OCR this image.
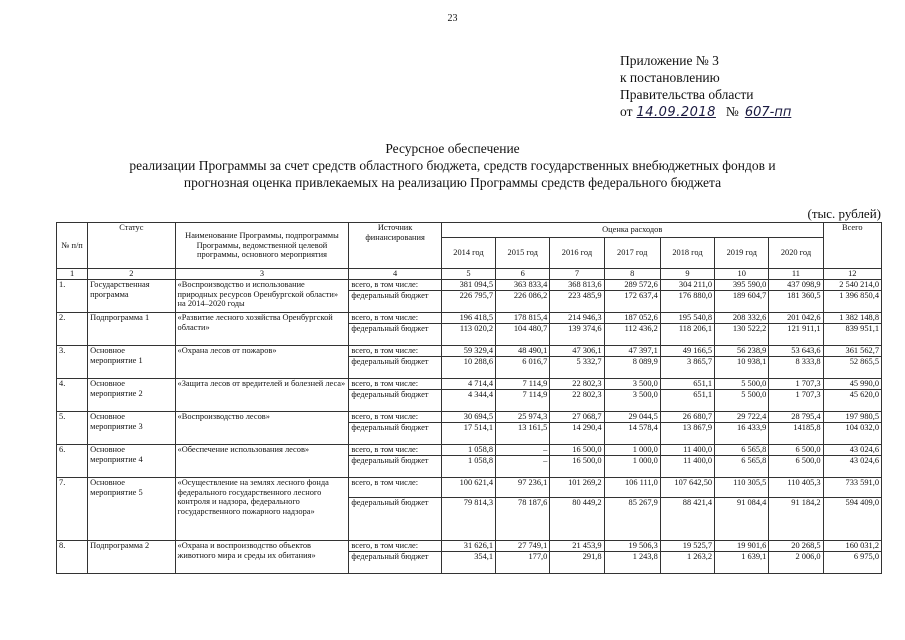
23
Приложение № 3
к постановлению
Правительства области
от 14.09.2018 № 607-пп
Ресурсное обеспечение
реализации Программы за счет средств областного бюджета, средств государственных внебюджетных фондов и
прогнозная оценка привлекаемых на реализацию Программы средств федерального бюджета
(тыс. рублей)
№ п/п	Статус	Наименование Программы, подпрограммы Программы, ведомственной целевой программы, основного мероприятия	Источник финансирования	Оценка расходов							Всего
				2014 год	2015 год	2016 год	2017 год	2018 год	2019 год	2020 год	
1	2	3	4	5	6	7	8	9	10	11	12
1.	Государственная программа	«Воспроизводство и использование природных ресурсов Оренбургской области» на 2014–2020 годы	всего, в том числе:	381 094,5	363 833,4	368 813,6	289 572,6	304 211,0	395 590,0	437 098,9	2 540 214,0
			федеральный бюджет	226 795,7	226 086,2	223 485,9	172 637,4	176 880,0	189 604,7	181 360,5	1 396 850,4
2.	Подпрограмма 1	«Развитие лесного хозяйства Оренбургской области»	всего, в том числе:	196 418,5	178 815,4	214 946,3	187 052,6	195 540,8	208 332,6	201 042,6	1 382 148,8
			федеральный бюджет	113 020,2	104 480,7	139 374,6	112 436,2	118 206,1	130 522,2	121 911,1	839 951,1
3.	Основное мероприятие 1	«Охрана лесов от пожаров»	всего, в том числе:	59 329,4	48 490,1	47 306,1	47 397,1	49 166,5	56 238,9	53 643,6	361 562,7
			федеральный бюджет	10 288,6	6 016,7	5 332,7	8 089,9	3 865,7	10 938,1	8 333,8	52 865,5
4.	Основное мероприятие 2	«Защита лесов от вредителей и болезней леса»	всего, в том числе:	4 714,4	7 114,9	22 802,3	3 500,0	651,1	5 500,0	1 707,3	45 990,0
			федеральный бюджет	4 344,4	7 114,9	22 802,3	3 500,0	651,1	5 500,0	1 707,3	45 620,0
5.	Основное мероприятие 3	«Воспроизводство лесов»	всего, в том числе:	30 694,5	25 974,3	27 068,7	29 044,5	26 680,7	29 722,4	28 795,4	197 980,5
			федеральный бюджет	17 514,1	13 161,5	14 290,4	14 578,4	13 867,9	16 433,9	14185,8	104 032,0
6.	Основное мероприятие 4	«Обеспечение использования лесов»	всего, в том числе:	1 058,8	–	16 500,0	1 000,0	11 400,0	6 565,8	6 500,0	43 024,6
			федеральный бюджет	1 058,8	–	16 500,0	1 000,0	11 400,0	6 565,8	6 500,0	43 024,6
7.	Основное мероприятие 5	«Осуществление на землях лесного фонда федерального государственного лесного контроля и надзора, федерального государственного пожарного надзора»	всего, в том числе:	100 621,4	97 236,1	101 269,2	106 111,0	107 642,50	110 305,5	110 405,3	733 591,0
			федеральный бюджет	79 814,3	78 187,6	80 449,2	85 267,9	88 421,4	91 084,4	91 184,2	594 409,0
8.	Подпрограмма 2	«Охрана и воспроизводство объектов животного мира и среды их обитания»	всего, в том числе:	31 626,1	27 749,1	21 453,9	19 506,3	19 525,7	19 901,6	20 268,5	160 031,2
			федеральный бюджет	354,1	177,0	291,8	1 243,8	1 263,2	1 639,1	2 006,0	6 975,0
